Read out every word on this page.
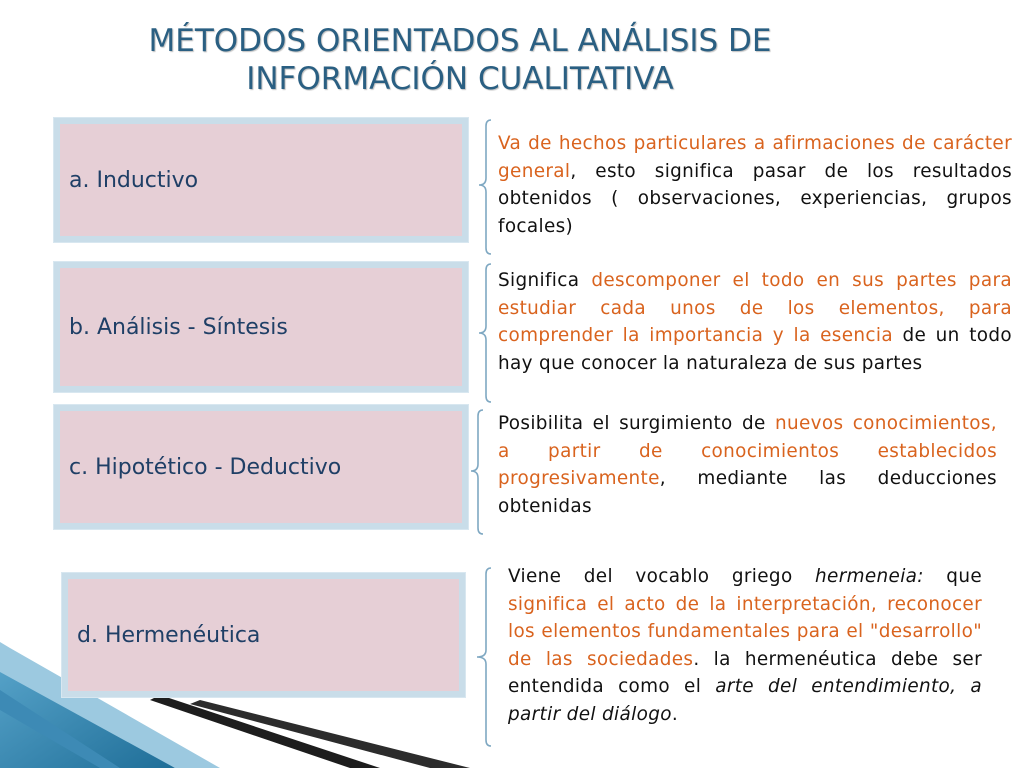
MÉTODOS ORIENTADOS AL ANÁLISIS DE
INFORMACIÓN CUALITATIVA
a. Inductivo
Va de hechos particulares a afirmaciones de carácter general, esto significa pasar de los resultados obtenidos ( observaciones, experiencias, grupos focales)
b. Análisis - Síntesis
Significa descomponer el todo en sus partes para estudiar cada unos de los elementos, para comprender la importancia y la esencia de un todo hay que conocer la naturaleza de sus partes
c. Hipotético - Deductivo
Posibilita el surgimiento de nuevos conocimientos, a partir de conocimientos establecidos progresivamente, mediante las deducciones obtenidas
d. Hermenéutica
Viene del vocablo griego hermeneia: que significa el acto de la interpretación, reconocer los elementos fundamentales para el "desarrollo" de las sociedades. la hermenéutica debe ser entendida como el arte del entendimiento, a partir del diálogo.
